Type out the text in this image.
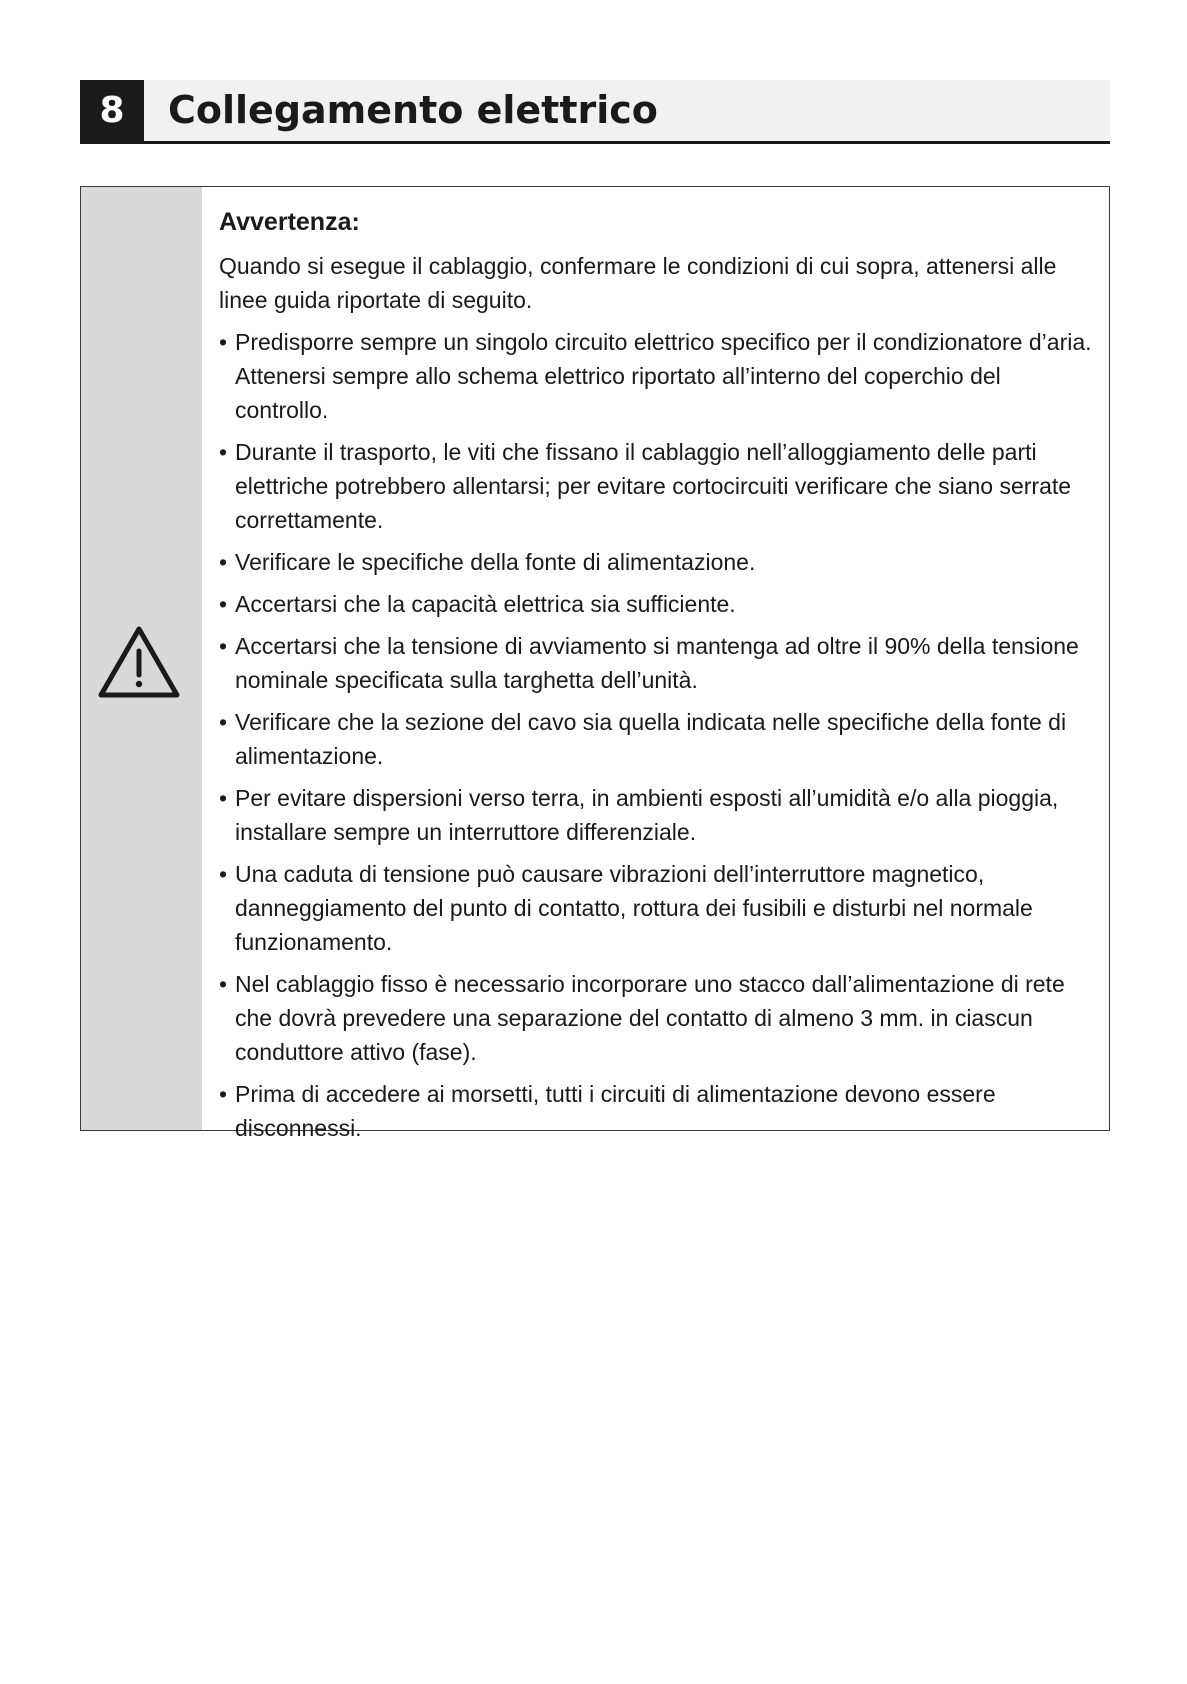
8	Collegamento elettrico
Avvertenza:
Quando si esegue il cablaggio, confermare le condizioni di cui sopra, attenersi alle linee guida riportate di seguito.
• Predisporre sempre un singolo circuito elettrico specifico per il condizionatore d’aria. Attenersi sempre allo schema elettrico riportato all’interno del coperchio del controllo.
• Durante il trasporto, le viti che fissano il cablaggio nell’alloggiamento delle parti elettriche potrebbero allentarsi; per evitare cortocircuiti verificare che siano serrate correttamente.
• Verificare le specifiche della fonte di alimentazione.
• Accertarsi che la capacità elettrica sia sufficiente.
• Accertarsi che la tensione di avviamento si mantenga ad oltre il 90% della tensione nominale specificata sulla targhetta dell’unità.
• Verificare che la sezione del cavo sia quella indicata nelle specifiche della fonte di alimentazione.
• Per evitare dispersioni verso terra, in ambienti esposti all’umidità e/o alla pioggia, installare sempre un interruttore differenziale.
• Una caduta di tensione può causare vibrazioni dell’interruttore magnetico, danneggiamento del punto di contatto, rottura dei fusibili e disturbi nel normale funzionamento.
• Nel cablaggio fisso è necessario incorporare uno stacco dall’alimentazione di rete che dovrà prevedere una separazione del contatto di almeno 3 mm. in ciascun conduttore attivo (fase).
• Prima di accedere ai morsetti, tutti i circuiti di alimentazione devono essere disconnessi.
